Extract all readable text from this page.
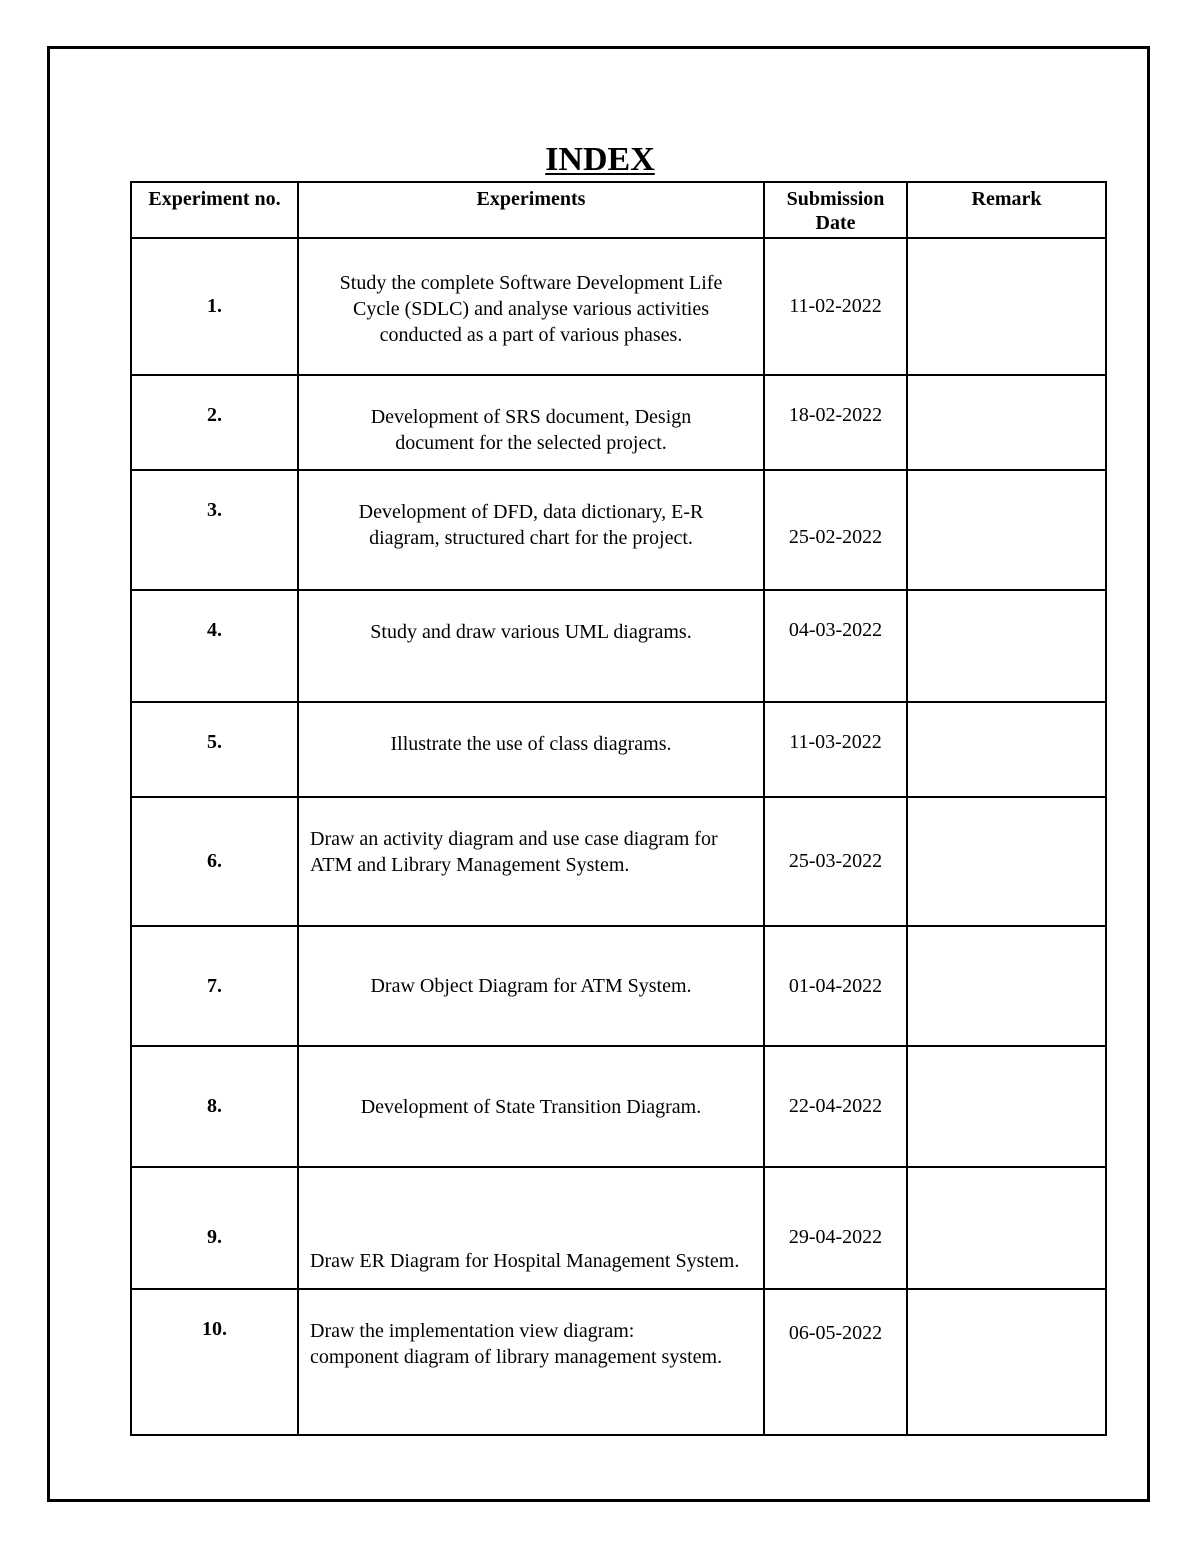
INDEX
Experiment no.	Experiments	Submission Date	Remark
1.	Study the complete Software Development Life Cycle (SDLC) and analyse various activities conducted as a part of various phases.	11-02-2022	
2.	Development of SRS document, Design document for the selected project.	18-02-2022	
3.	Development of DFD, data dictionary, E-R diagram, structured chart for the project.	25-02-2022	
4.	Study and draw various UML diagrams.	04-03-2022	
5.	Illustrate the use of class diagrams.	11-03-2022	
6.	Draw an activity diagram and use case diagram for ATM and Library Management System.	25-03-2022	
7.	Draw Object Diagram for ATM System.	01-04-2022	
8.	Development of State Transition Diagram.	22-04-2022	
9.	Draw ER Diagram for Hospital Management System.	29-04-2022	
10.	Draw the implementation view diagram: component diagram of library management system.	06-05-2022	
